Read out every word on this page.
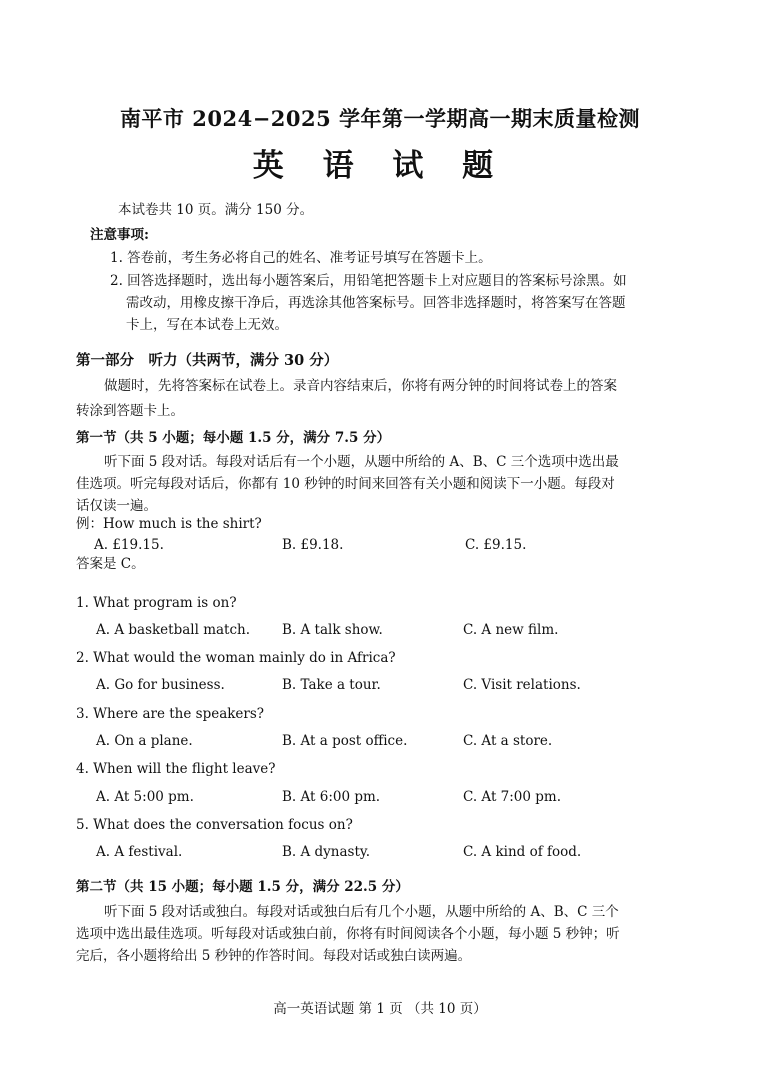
南平市 2024−2025 学年第一学期高一期末质量检测
英 语 试 题
本试卷共 10 页。满分 150 分。
注意事项:
1. 答卷前，考生务必将自己的姓名、准考证号填写在答题卡上。
2. 回答选择题时，选出每小题答案后，用铅笔把答题卡上对应题目的答案标号涂黑。如
需改动，用橡皮擦干净后，再选涂其他答案标号。回答非选择题时，将答案写在答题
卡上，写在本试卷上无效。
第一部分　听力（共两节，满分 30 分）
做题时，先将答案标在试卷上。录音内容结束后，你将有两分钟的时间将试卷上的答案
转涂到答题卡上。
第一节（共 5 小题；每小题 1.5 分，满分 7.5 分）
听下面 5 段对话。每段对话后有一个小题，从题中所给的 A、B、C 三个选项中选出最
佳选项。听完每段对话后，你都有 10 秒钟的时间来回答有关小题和阅读下一小题。每段对
话仅读一遍。
例：How much is the shirt?
A. £19.15.	B. £9.18.	C. £9.15.
答案是 C。
1. What program is on?
A. A basketball match. B. A talk show.	C. A new film.
2. What would the woman mainly do in Africa?
A. Go for business.	B. Take a tour.	C. Visit relations.
3. Where are the speakers?
A. On a plane.	B. At a post office.	C. At a store.
4. When will the flight leave?
A. At 5:00 pm.	B. At 6:00 pm.	C. At 7:00 pm.
5. What does the conversation focus on?
A. A festival.	B. A dynasty.	C. A kind of food.
第二节（共 15 小题；每小题 1.5 分，满分 22.5 分）
听下面 5 段对话或独白。每段对话或独白后有几个小题，从题中所给的 A、B、C 三个
选项中选出最佳选项。听每段对话或独白前，你将有时间阅读各个小题，每小题 5 秒钟；听
完后，各小题将给出 5 秒钟的作答时间。每段对话或独白读两遍。
高一英语试题 第 1 页 （共 10 页）
